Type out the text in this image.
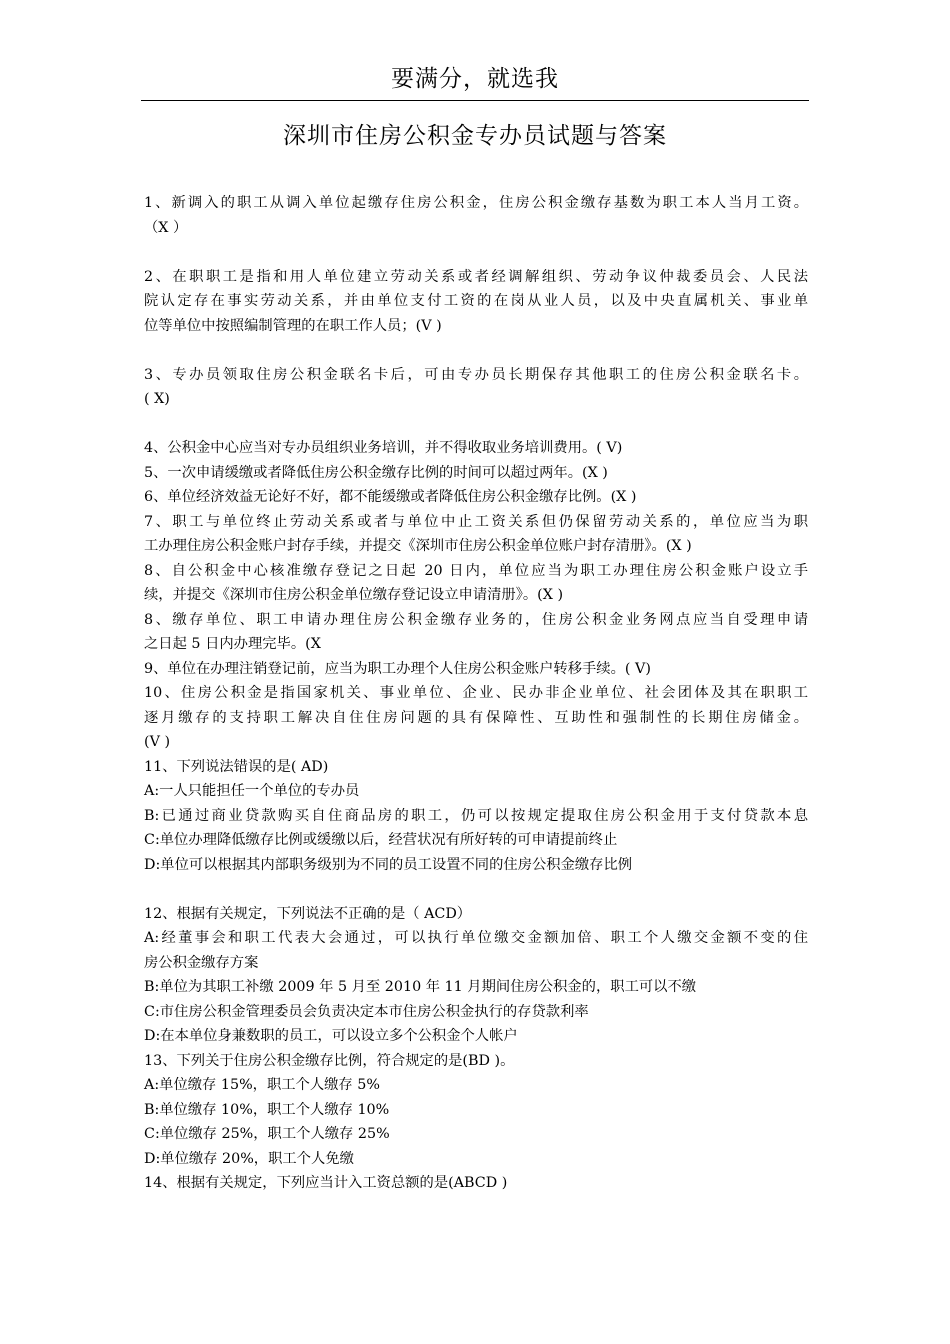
要满分，就选我
深圳市住房公积金专办员试题与答案
1、新调入的职工从调入单位起缴存住房公积金，住房公积金缴存基数为职工本人当月工资。
（X ）
2、在职职工是指和用人单位建立劳动关系或者经调解组织、劳动争议仲裁委员会、人民法
院认定存在事实劳动关系，并由单位支付工资的在岗从业人员，以及中央直属机关、事业单
位等单位中按照编制管理的在职工作人员；(V )
3、专办员领取住房公积金联名卡后，可由专办员长期保存其他职工的住房公积金联名卡。
( X)
4、公积金中心应当对专办员组织业务培训，并不得收取业务培训费用。( V)
5、一次申请缓缴或者降低住房公积金缴存比例的时间可以超过两年。(X )
6、单位经济效益无论好不好，都不能缓缴或者降低住房公积金缴存比例。(X )
7、职工与单位终止劳动关系或者与单位中止工资关系但仍保留劳动关系的，单位应当为职
工办理住房公积金账户封存手续，并提交《深圳市住房公积金单位账户封存清册》。(X )
8、自公积金中心核准缴存登记之日起 20 日内，单位应当为职工办理住房公积金账户设立手
续，并提交《深圳市住房公积金单位缴存登记设立申请清册》。(X )
8、缴存单位、职工申请办理住房公积金缴存业务的，住房公积金业务网点应当自受理申请
之日起 5 日内办理完毕。(X
9、单位在办理注销登记前，应当为职工办理个人住房公积金账户转移手续。( V)
10、住房公积金是指国家机关、事业单位、企业、民办非企业单位、社会团体及其在职职工
逐月缴存的支持职工解决自住住房问题的具有保障性、互助性和强制性的长期住房储金。
(V )
11、下列说法错误的是( AD)
A:一人只能担任一个单位的专办员
B:已通过商业贷款购买自住商品房的职工，仍可以按规定提取住房公积金用于支付贷款本息
C:单位办理降低缴存比例或缓缴以后，经营状况有所好转的可申请提前终止
D:单位可以根据其内部职务级别为不同的员工设置不同的住房公积金缴存比例
12、根据有关规定，下列说法不正确的是（ ACD）
A:经董事会和职工代表大会通过，可以执行单位缴交金额加倍、职工个人缴交金额不变的住
房公积金缴存方案
B:单位为其职工补缴 2009 年 5 月至 2010 年 11 月期间住房公积金的，职工可以不缴
C:市住房公积金管理委员会负责决定本市住房公积金执行的存贷款利率
D:在本单位身兼数职的员工，可以设立多个公积金个人帐户
13、下列关于住房公积金缴存比例，符合规定的是(BD )。
A:单位缴存 15%，职工个人缴存 5%
B:单位缴存 10%，职工个人缴存 10%
C:单位缴存 25%，职工个人缴存 25%
D:单位缴存 20%，职工个人免缴
14、根据有关规定，下列应当计入工资总额的是(ABCD )
